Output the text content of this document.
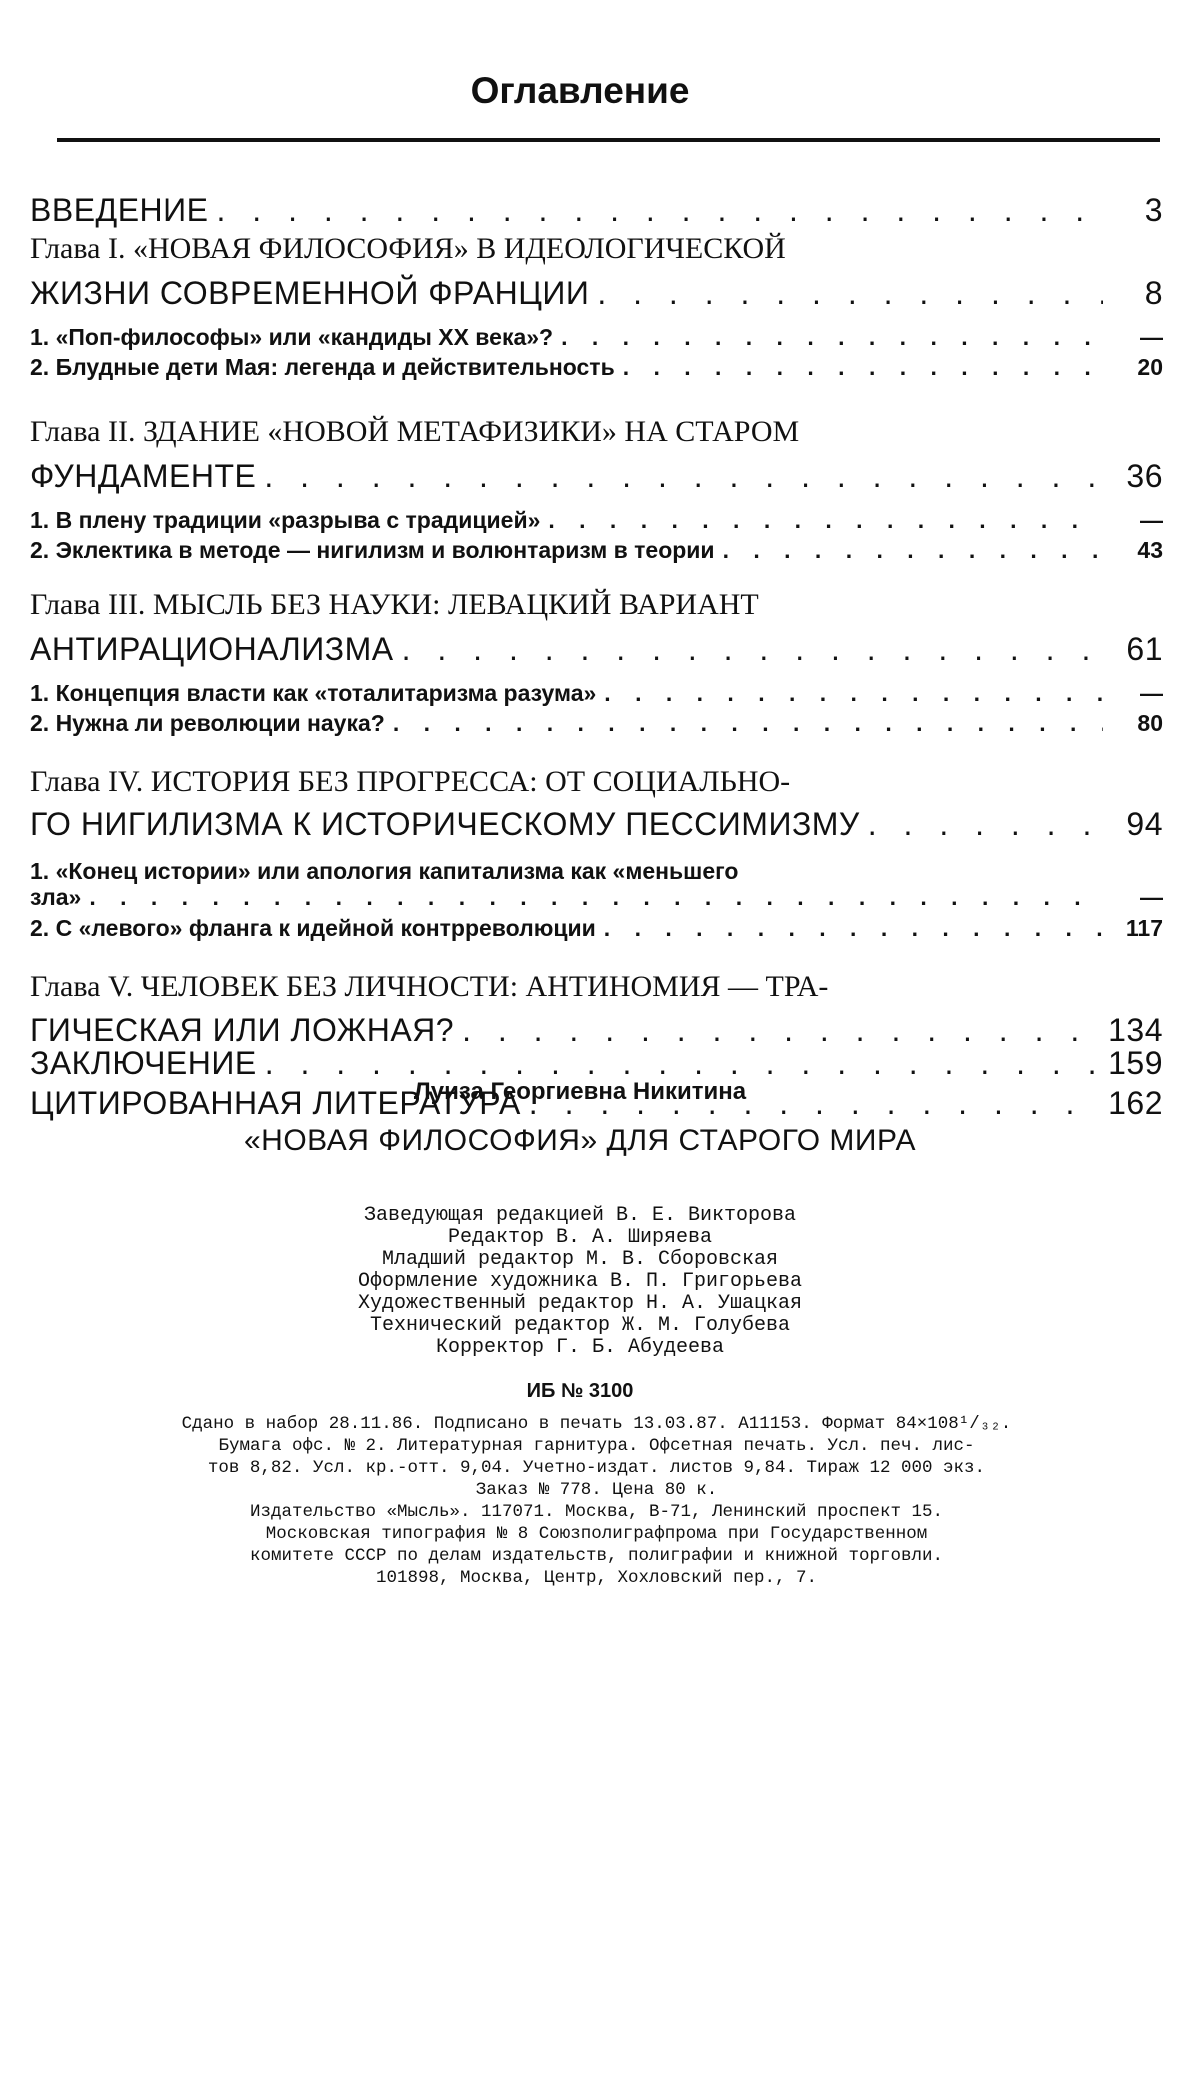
Оглавление
ВВЕДЕНИЕ . . .	3
Глава I. «НОВАЯ ФИЛОСОФИЯ» В ИДЕОЛОГИЧЕСКОЙ
ЖИЗНИ СОВРЕМЕННОЙ ФРАНЦИИ . . .	8
1. «Поп-философы» или «кандиды XX века»? . . .	—
2. Блудные дети Мая: легенда и действительность . . .	20
Глава II. ЗДАНИЕ «НОВОЙ МЕТАФИЗИКИ» НА СТАРОМ
ФУНДАМЕНТЕ . . .	36
1. В плену традиции «разрыва с традицией» . . .	—
2. Эклектика в методе — нигилизм и волюнтаризм в теории . . .	43
Глава III. МЫСЛЬ БЕЗ НАУКИ: ЛЕВАЦКИЙ ВАРИАНТ
АНТИРАЦИОНАЛИЗМА . . .	61
1. Концепция власти как «тоталитаризма разума» . . .	—
2. Нужна ли революции наука? . . .	80
Глава IV. ИСТОРИЯ БЕЗ ПРОГРЕССА: ОТ СОЦИАЛЬНО-
ГО НИГИЛИЗМА К ИСТОРИЧЕСКОМУ ПЕССИМИЗМУ . . .	94
1. «Конец истории» или апология капитализма как «меньшего
зла» . . .	—
2. С «левого» фланга к идейной контрреволюции . . .	117
Глава V. ЧЕЛОВЕК БЕЗ ЛИЧНОСТИ: АНТИНОМИЯ — ТРА-
ГИЧЕСКАЯ ИЛИ ЛОЖНАЯ? . . .	134
ЗАКЛЮЧЕНИЕ . . .	159
ЦИТИРОВАННАЯ ЛИТЕРАТУРА . . .	162
Луиза Георгиевна Никитина
«НОВАЯ ФИЛОСОФИЯ» ДЛЯ СТАРОГО МИРА
Заведующая редакцией В. Е. Викторова
Редактор В. А. Ширяева
Младший редактор М. В. Сборовская
Оформление художника В. П. Григорьева
Художественный редактор Н. А. Ушацкая
Технический редактор Ж. М. Голубева
Корректор Г. Б. Абудеева
ИБ № 3100
Сдано в набор 28.11.86. Подписано в печать 13.03.87. А11153. Формат 84×108¹/₃₂.
Бумага офс. № 2. Литературная гарнитура. Офсетная печать. Усл. печ. лис-
тов 8,82. Усл. кр.-отт. 9,04. Учетно-издат. листов 9,84. Тираж 12 000 экз.
Заказ № 778. Цена 80 к.
Издательство «Мысль». 117071. Москва, В-71, Ленинский проспект 15.
Московская типография № 8 Союзполиграфпрома при Государственном
комитете СССР по делам издательств, полиграфии и книжной торговли.
101898, Москва, Центр, Хохловский пер., 7.
